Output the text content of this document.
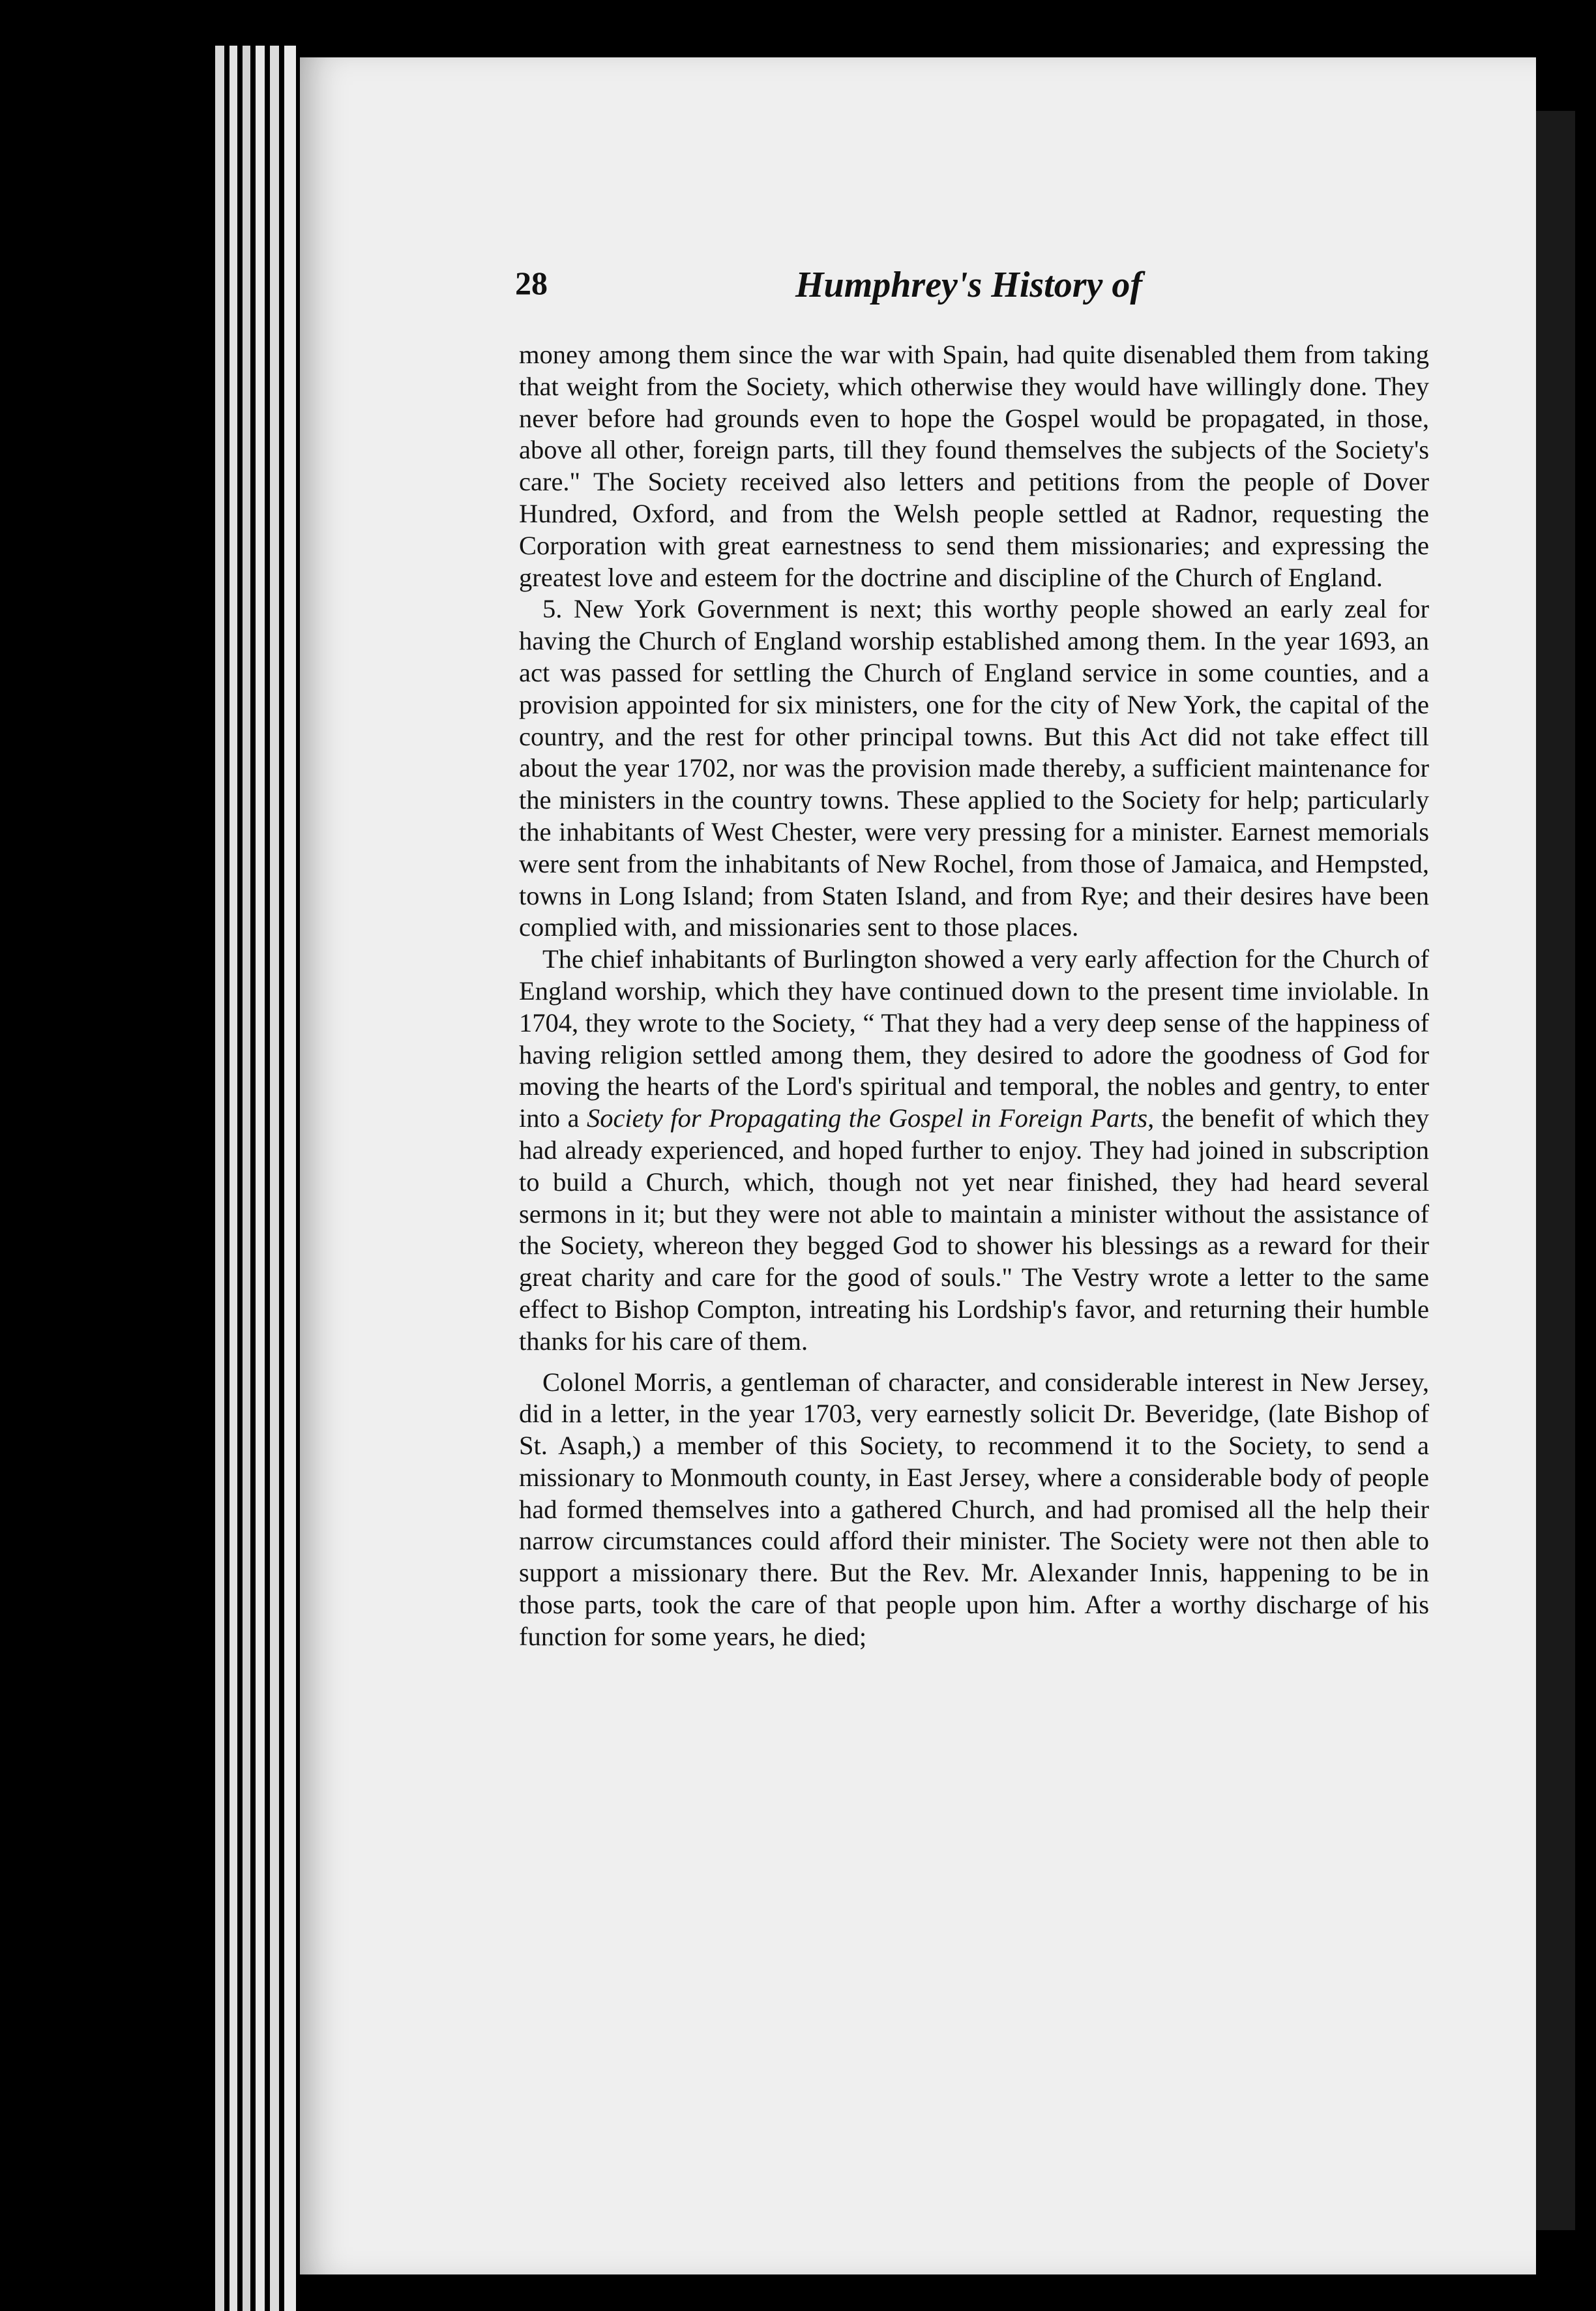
28	Humphrey's History of

money among them since the war with Spain, had quite disenabled them from taking that weight from the Society, which otherwise they would have willingly done. They never before had grounds even to hope the Gospel would be propagated, in those, above all other, foreign parts, till they found themselves the subjects of the Society's care." The Society received also letters and petitions from the people of Dover Hundred, Oxford, and from the Welsh people settled at Radnor, requesting the Corporation with great earnestness to send them missionaries; and expressing the greatest love and esteem for the doctrine and discipline of the Church of England.

5. New York Government is next; this worthy people showed an early zeal for having the Church of England worship established among them. In the year 1693, an act was passed for settling the Church of England service in some counties, and a provision appointed for six ministers, one for the city of New York, the capital of the country, and the rest for other principal towns. But this Act did not take effect till about the year 1702, nor was the provision made thereby, a sufficient maintenance for the ministers in the country towns. These applied to the Society for help; particularly the inhabitants of West Chester, were very pressing for a minister. Earnest memorials were sent from the inhabitants of New Rochel, from those of Jamaica, and Hempsted, towns in Long Island; from Staten Island, and from Rye; and their desires have been complied with, and missionaries sent to those places.

The chief inhabitants of Burlington showed a very early affection for the Church of England worship, which they have continued down to the present time inviolable. In 1704, they wrote to the Society, “ That they had a very deep sense of the happiness of having religion settled among them, they desired to adore the goodness of God for moving the hearts of the Lord's spiritual and temporal, the nobles and gentry, to enter into a Society for Propagating the Gospel in Foreign Parts, the benefit of which they had already experienced, and hoped further to enjoy. They had joined in subscription to build a Church, which, though not yet near finished, they had heard several sermons in it; but they were not able to maintain a minister without the assistance of the Society, whereon they begged God to shower his blessings as a reward for their great charity and care for the good of souls." The Vestry wrote a letter to the same effect to Bishop Compton, intreating his Lordship's favor, and returning their humble thanks for his care of them.

Colonel Morris, a gentleman of character, and considerable interest in New Jersey, did in a letter, in the year 1703, very earnestly solicit Dr. Beveridge, (late Bishop of St. Asaph,) a member of this Society, to recommend it to the Society, to send a missionary to Monmouth county, in East Jersey, where a considerable body of people had formed themselves into a gathered Church, and had promised all the help their narrow circumstances could afford their minister. The Society were not then able to support a missionary there. But the Rev. Mr. Alexander Innis, happening to be in those parts, took the care of that people upon him. After a worthy discharge of his function for some years, he died;
